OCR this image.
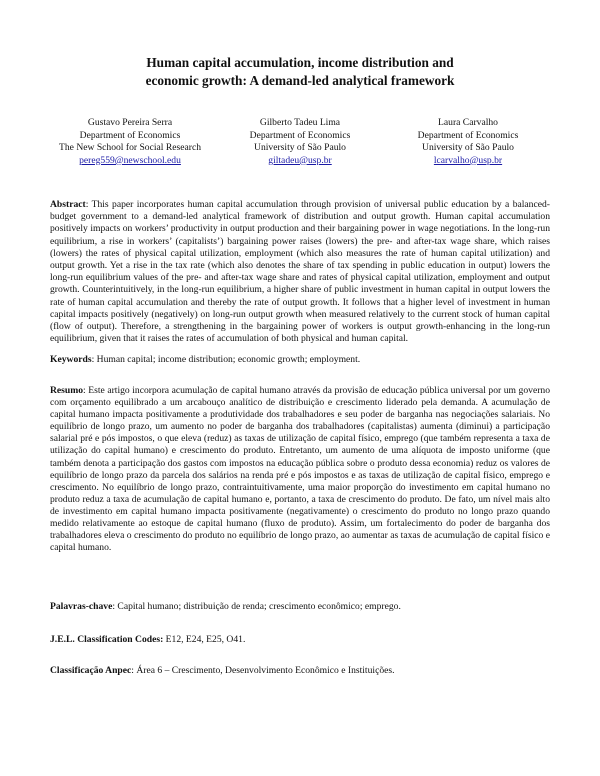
Human capital accumulation, income distribution and
economic growth: A demand-led analytical framework
Gustavo Pereira Serra
Department of Economics
The New School for Social Research
pereg559@newschool.edu
Gilberto Tadeu Lima
Department of Economics
University of São Paulo
giltadeu@usp.br
Laura Carvalho
Department of Economics
University of São Paulo
lcarvalho@usp.br
Abstract: This paper incorporates human capital accumulation through provision of universal public education by a balanced-budget government to a demand-led analytical framework of distribution and output growth. Human capital accumulation positively impacts on workers’ productivity in output production and their bargaining power in wage negotiations. In the long-run equilibrium, a rise in workers’ (capitalists’) bargaining power raises (lowers) the pre- and after-tax wage share, which raises (lowers) the rates of physical capital utilization, employment (which also measures the rate of human capital utilization) and output growth. Yet a rise in the tax rate (which also denotes the share of tax spending in public education in output) lowers the long-run equilibrium values of the pre- and after-tax wage share and rates of physical capital utilization, employment and output growth. Counterintuitively, in the long-run equilibrium, a higher share of public investment in human capital in output lowers the rate of human capital accumulation and thereby the rate of output growth. It follows that a higher level of investment in human capital impacts positively (negatively) on long-run output growth when measured relatively to the current stock of human capital (flow of output). Therefore, a strengthening in the bargaining power of workers is output growth-enhancing in the long-run equilibrium, given that it raises the rates of accumulation of both physical and human capital.
Keywords: Human capital; income distribution; economic growth; employment.
Resumo: Este artigo incorpora acumulação de capital humano através da provisão de educação pública universal por um governo com orçamento equilibrado a um arcabouço analítico de distribuição e crescimento liderado pela demanda. A acumulação de capital humano impacta positivamente a produtividade dos trabalhadores e seu poder de barganha nas negociações salariais. No equilíbrio de longo prazo, um aumento no poder de barganha dos trabalhadores (capitalistas) aumenta (diminui) a participação salarial pré e pós impostos, o que eleva (reduz) as taxas de utilização de capital físico, emprego (que também representa a taxa de utilização do capital humano) e crescimento do produto. Entretanto, um aumento de uma alíquota de imposto uniforme (que também denota a participação dos gastos com impostos na educação pública sobre o produto dessa economia) reduz os valores de equilíbrio de longo prazo da parcela dos salários na renda pré e pós impostos e as taxas de utilização de capital físico, emprego e crescimento. No equilíbrio de longo prazo, contraintuitivamente, uma maior proporção do investimento em capital humano no produto reduz a taxa de acumulação de capital humano e, portanto, a taxa de crescimento do produto. De fato, um nível mais alto de investimento em capital humano impacta positivamente (negativamente) o crescimento do produto no longo prazo quando medido relativamente ao estoque de capital humano (fluxo de produto). Assim, um fortalecimento do poder de barganha dos trabalhadores eleva o crescimento do produto no equilíbrio de longo prazo, ao aumentar as taxas de acumulação de capital físico e capital humano.
Palavras-chave: Capital humano; distribuição de renda; crescimento econômico; emprego.
J.E.L. Classification Codes: E12, E24, E25, O41.
Classificação Anpec: Área 6 – Crescimento, Desenvolvimento Econômico e Instituições.
